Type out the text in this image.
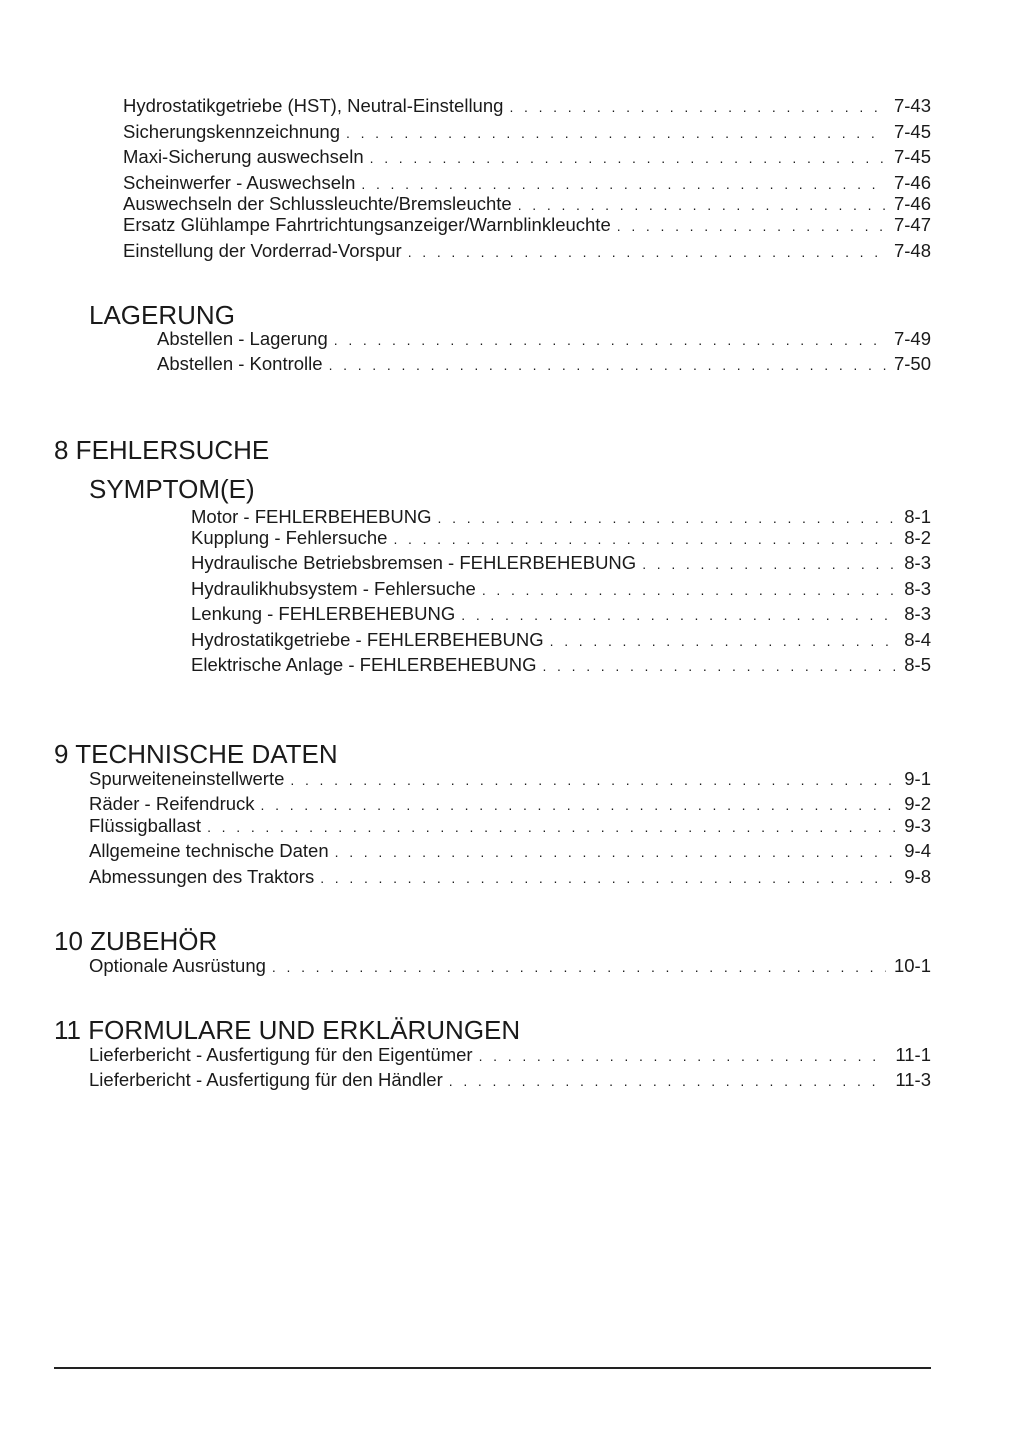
Hydrostatikgetriebe (HST), Neutral-Einstellung . . .	7-43
Sicherungskennzeichnung . . .	7-45
Maxi-Sicherung auswechseln . . .	7-45
Scheinwerfer - Auswechseln . . .	7-46
Auswechseln der Schlussleuchte/Bremsleuchte . . .	7-46
Ersatz Glühlampe Fahrtrichtungsanzeiger/Warnblinkleuchte . . .	7-47
Einstellung der Vorderrad-Vorspur . . .	7-48
LAGERUNG
Abstellen - Lagerung . . .	7-49
Abstellen - Kontrolle . . .	7-50
8 FEHLERSUCHE
SYMPTOM(E)
Motor - FEHLERBEHEBUNG . . .	8-1
Kupplung - Fehlersuche . . .	8-2
Hydraulische Betriebsbremsen - FEHLERBEHEBUNG . . .	8-3
Hydraulikhubsystem - Fehlersuche . . .	8-3
Lenkung - FEHLERBEHEBUNG . . .	8-3
Hydrostatikgetriebe - FEHLERBEHEBUNG . . .	8-4
Elektrische Anlage - FEHLERBEHEBUNG . . .	8-5
9 TECHNISCHE DATEN
Spurweiteneinstellwerte . . .	9-1
Räder - Reifendruck . . .	9-2
Flüssigballast . . .	9-3
Allgemeine technische Daten . . .	9-4
Abmessungen des Traktors . . .	9-8
10 ZUBEHÖR
Optionale Ausrüstung . . .	10-1
11 FORMULARE UND ERKLÄRUNGEN
Lieferbericht - Ausfertigung für den Eigentümer . . .	11-1
Lieferbericht - Ausfertigung für den Händler . . .	11-3
